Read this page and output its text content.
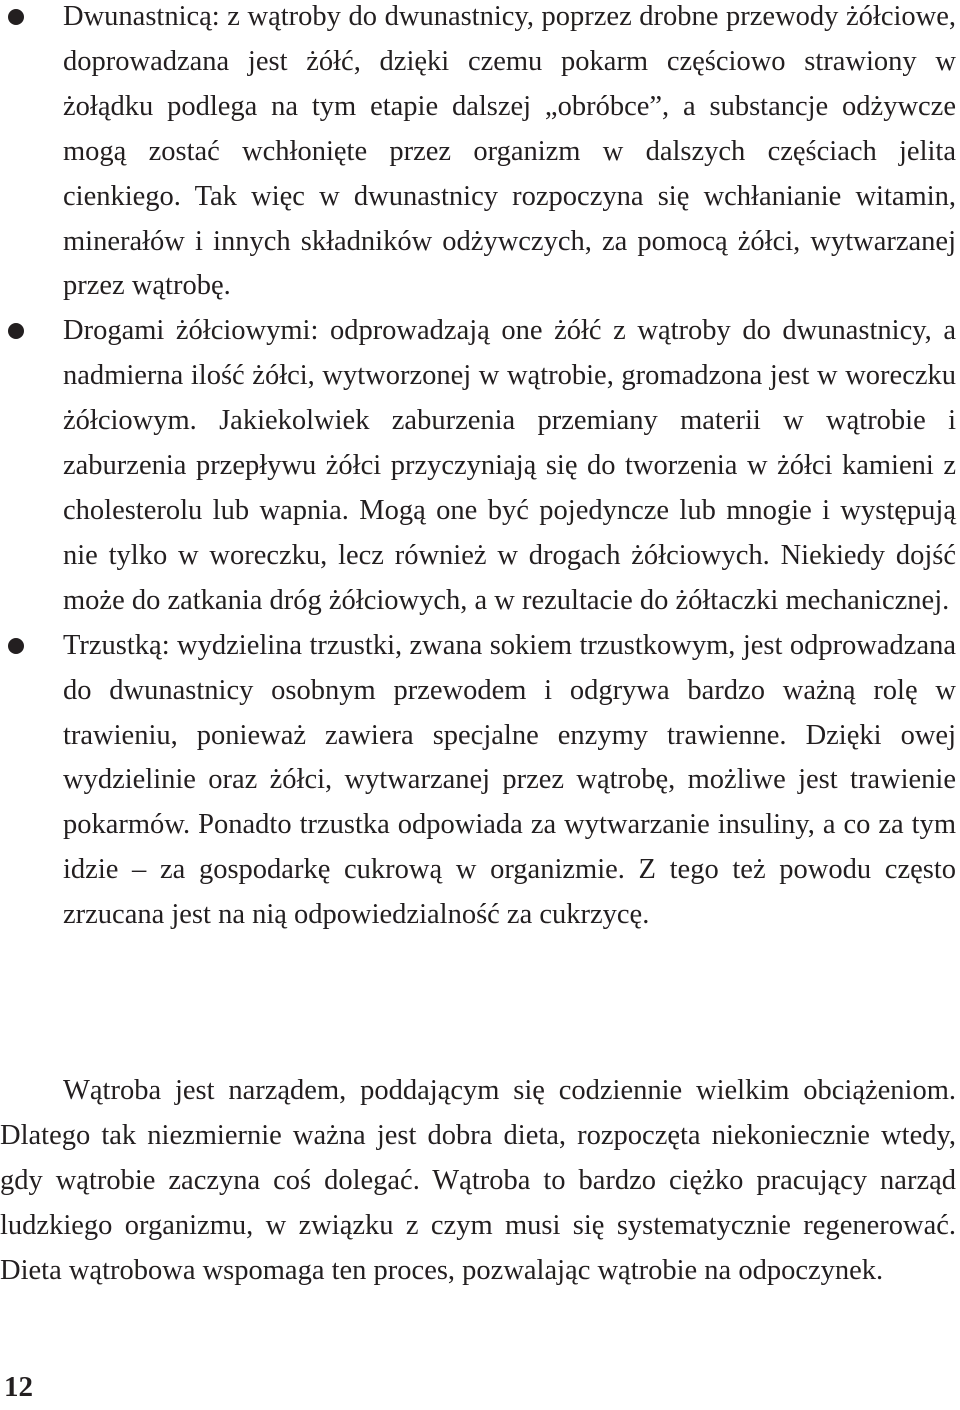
Dwunastnicą: z wątroby do dwunastnicy, poprzez drobne przewody żółciowe, doprowadzana jest żółć, dzięki czemu pokarm częściowo strawiony w żołądku podlega na tym etapie dalszej „obróbce”, a substancje odżywcze mogą zostać wchłonięte przez organizm w dalszych częściach jelita cienkiego. Tak więc w dwunastnicy rozpoczyna się wchłanianie witamin, minerałów i innych składników odżywczych, za pomocą żółci, wytwarzanej przez wątrobę.
Drogami żółciowymi: odprowadzają one żółć z wątroby do dwunastnicy, a nadmierna ilość żółci, wytworzonej w wątrobie, gromadzona jest w woreczku żółciowym. Jakiekolwiek zaburzenia przemiany materii w wątrobie i zaburzenia przepływu żółci przyczyniają się do tworzenia w żółci kamieni z cholesterolu lub wapnia. Mogą one być pojedyncze lub mnogie i występują nie tylko w woreczku, lecz również w drogach żółciowych. Niekiedy dojść może do zatkania dróg żółciowych, a w rezultacie do żółtaczki mechanicznej.
Trzustką: wydzielina trzustki, zwana sokiem trzustkowym, jest odprowadzana do dwunastnicy osobnym przewodem i odgrywa bardzo ważną rolę w trawieniu, ponieważ zawiera specjalne enzymy trawienne. Dzięki owej wydzielinie oraz żółci, wytwarzanej przez wątrobę, możliwe jest trawienie pokarmów. Ponadto trzustka odpowiada za wytwarzanie insuliny, a co za tym idzie – za gospodarkę cukrową w organizmie. Z tego też powodu często zrzucana jest na nią odpowiedzialność za cukrzycę.

Wątroba jest narządem, poddającym się codziennie wielkim obciążeniom. Dlatego tak niezmiernie ważna jest dobra dieta, rozpoczęta niekoniecznie wtedy, gdy wątrobie zaczyna coś dolegać. Wątroba to bardzo ciężko pracujący narząd ludzkiego organizmu, w związku z czym musi się systematycznie regenerować. Dieta wątrobowa wspomaga ten proces, pozwalając wątrobie na odpoczynek.

12
